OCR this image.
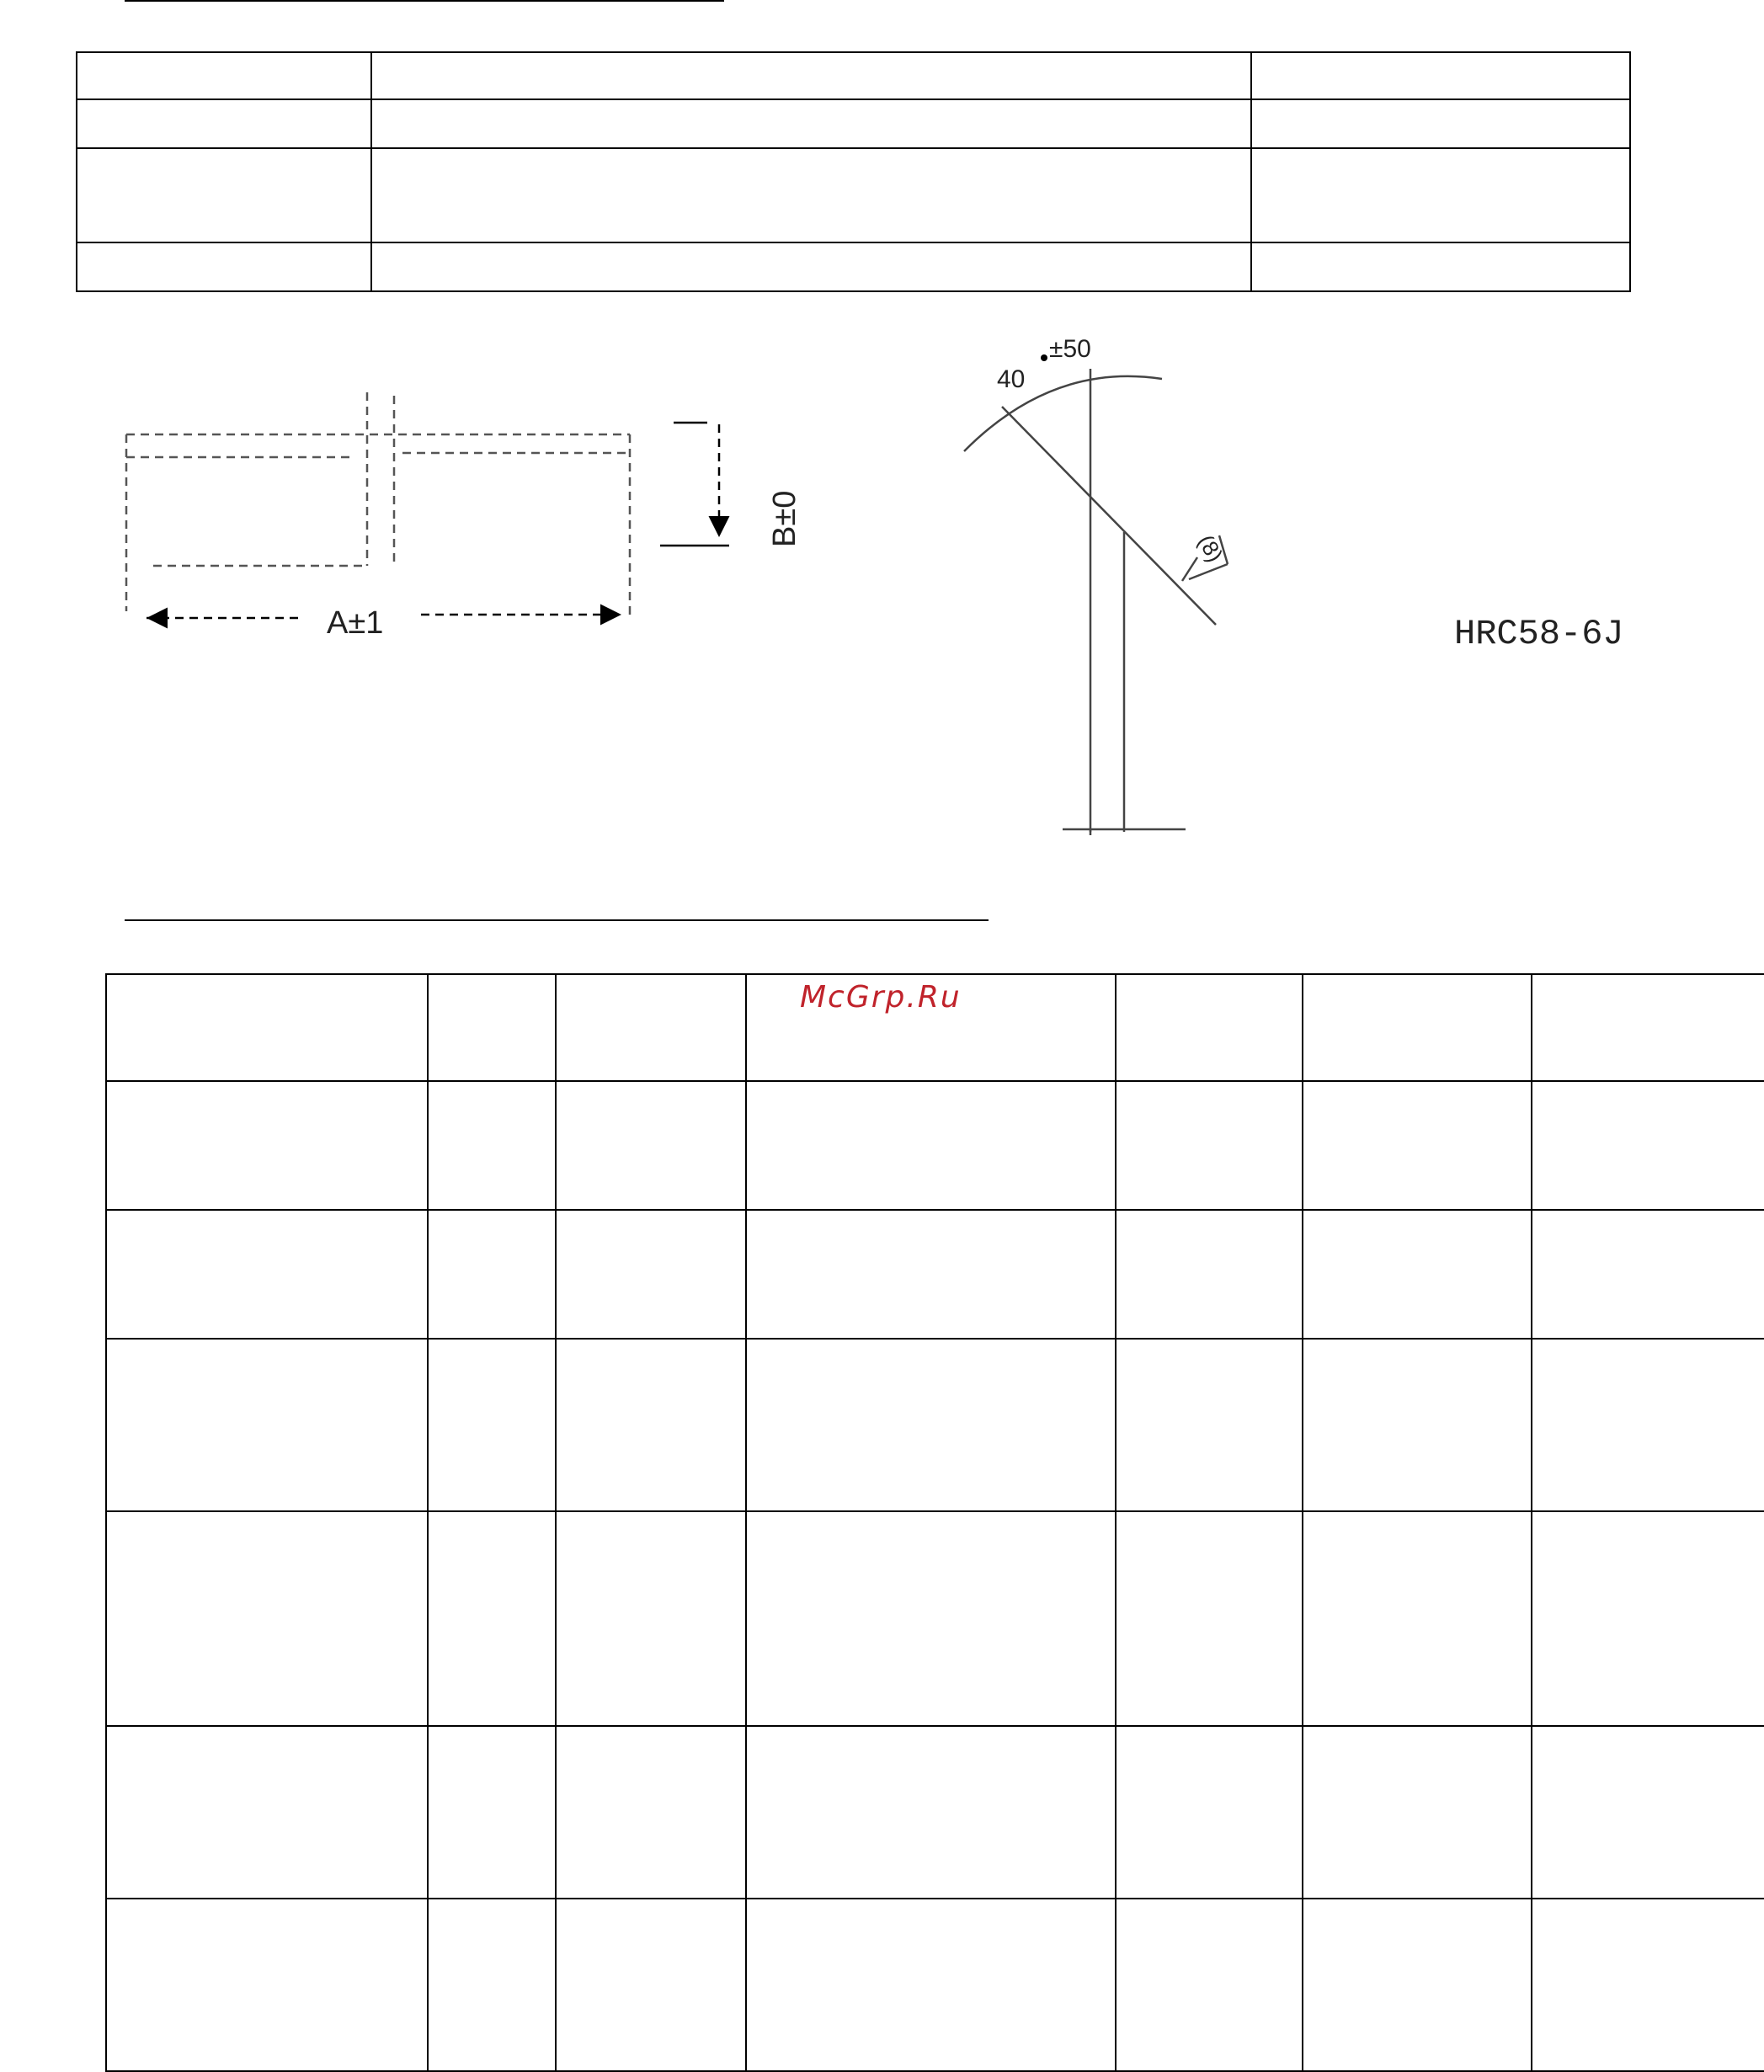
A±1
B±0
40
±50
(8)
HRC58-6J

McGrp.Ru
